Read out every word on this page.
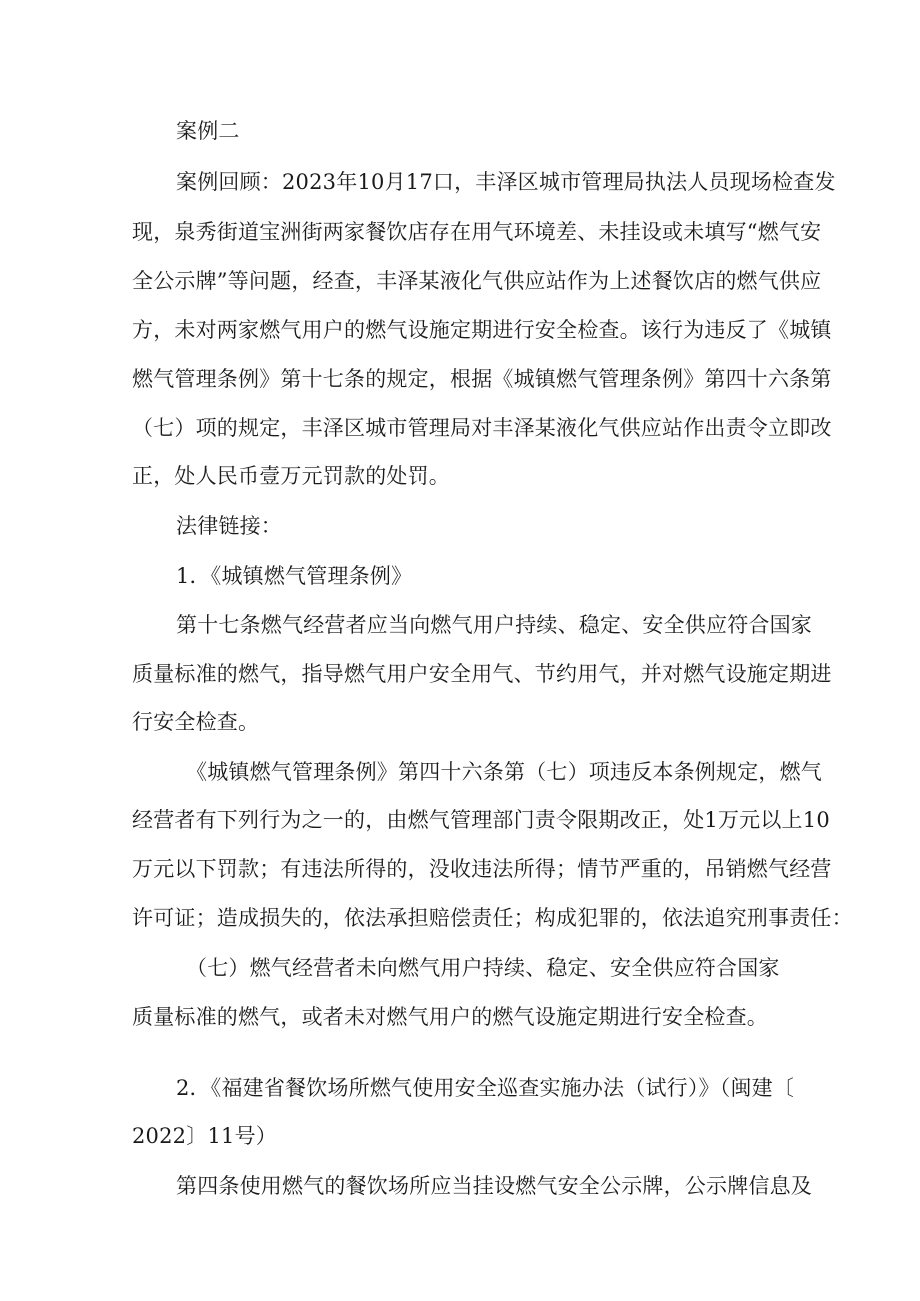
案例二
案例回顾：2023年10月17口，丰泽区城市管理局执法人员现场检查发
现，泉秀街道宝洲街两家餐饮店存在用气环境差、未挂设或未填写“燃气安
全公示牌”等问题，经查，丰泽某液化气供应站作为上述餐饮店的燃气供应
方，未对两家燃气用户的燃气设施定期进行安全检查。该行为违反了《城镇
燃气管理条例》第十七条的规定，根据《城镇燃气管理条例》第四十六条第
（七）项的规定，丰泽区城市管理局对丰泽某液化气供应站作出责令立即改
正，处人民币壹万元罚款的处罚。
法律链接：
1．《城镇燃气管理条例》
第十七条燃气经营者应当向燃气用户持续、稳定、安全供应符合国家
质量标准的燃气，指导燃气用户安全用气、节约用气，并对燃气设施定期进
行安全检查。
《城镇燃气管理条例》第四十六条第（七）项违反本条例规定，燃气
经营者有下列行为之一的，由燃气管理部门责令限期改正，处1万元以上10
万元以下罚款；有违法所得的，没收违法所得；情节严重的，吊销燃气经营
许可证；造成损失的，依法承担赔偿责任；构成犯罪的，依法追究刑事责任：
（七）燃气经营者未向燃气用户持续、稳定、安全供应符合国家
质量标准的燃气，或者未对燃气用户的燃气设施定期进行安全检查。
2．《福建省餐饮场所燃气使用安全巡查实施办法（试行）》（闽建〔
2022〕11号）
第四条使用燃气的餐饮场所应当挂设燃气安全公示牌，公示牌信息及
